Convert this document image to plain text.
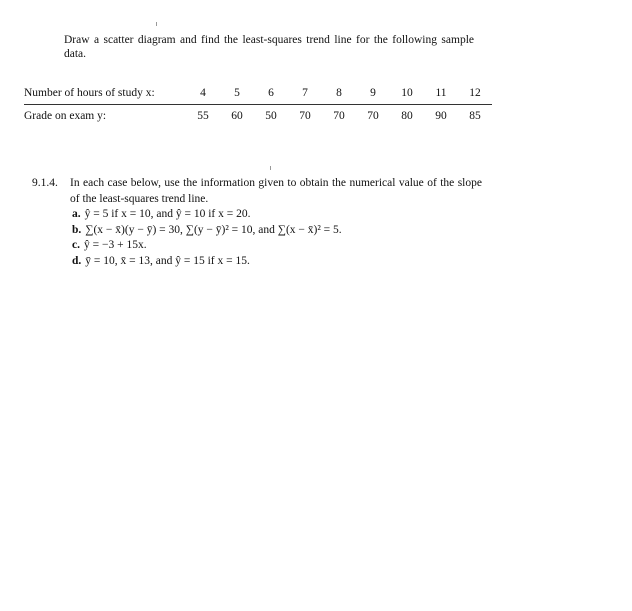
Draw a scatter diagram and find the least-squares trend line for the following sample data.
Number of hours of study x:	4	5	6	7	8	9	10	11	12
Grade on exam y:	55	60	50	70	70	70	80	90	85
9.1.4. In each case below, use the information given to obtain the numerical value of the slope of the least-squares trend line.
a. ŷ = 5 if x = 10, and ŷ = 10 if x = 20.
b. ∑(x − x̄)(y − ȳ) = 30, ∑(y − ȳ)² = 10, and ∑(x − x̄)² = 5.
c. ŷ = −3 + 15x.
d. ȳ = 10, x̄ = 13, and ŷ = 15 if x = 15.
